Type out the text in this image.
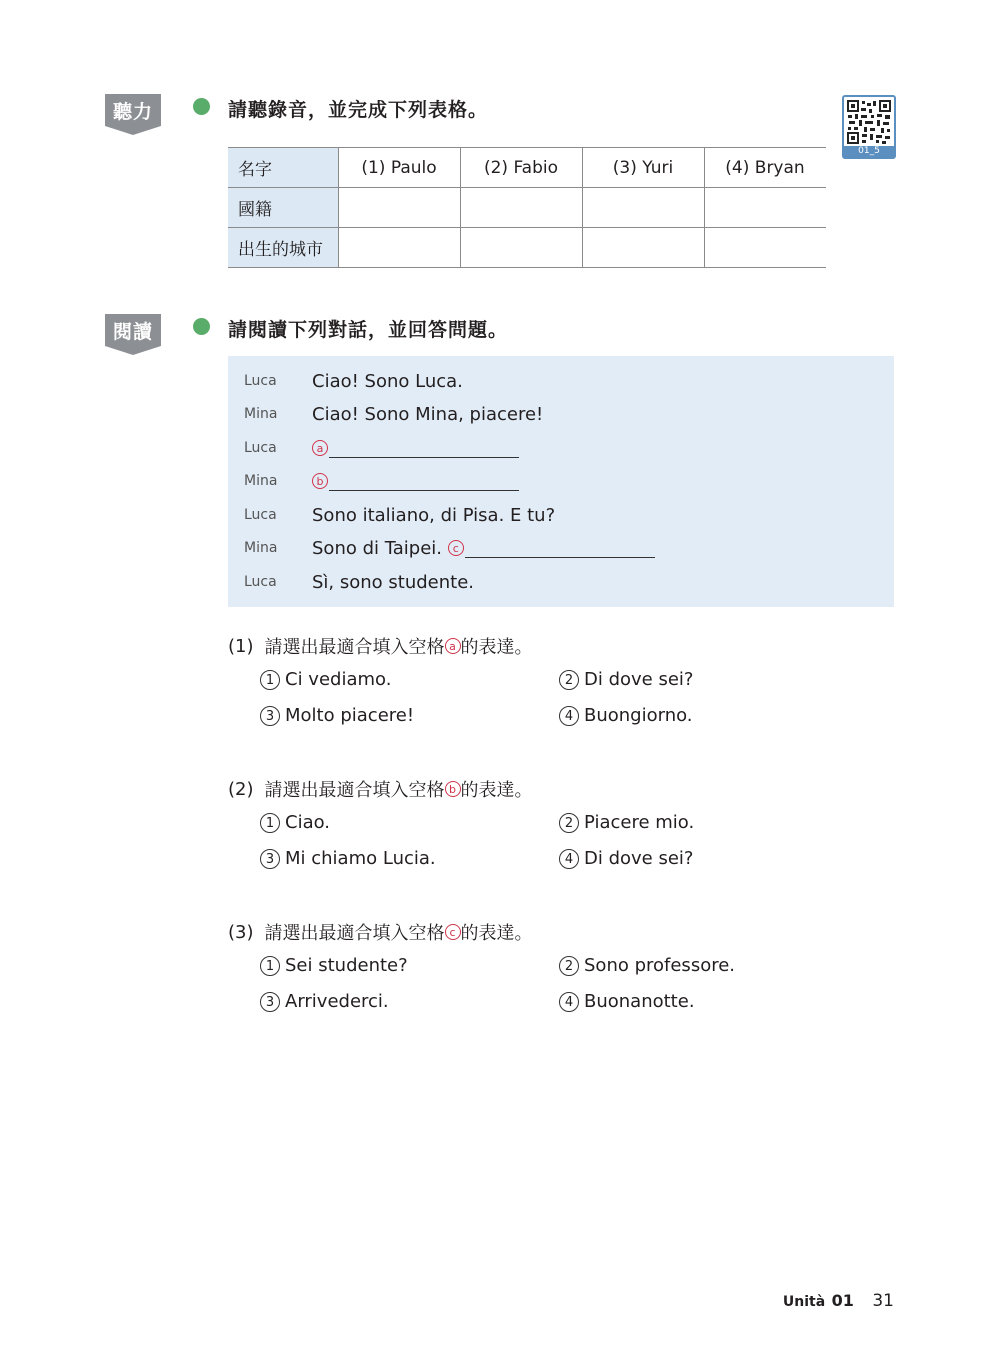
聽力	請聽錄音，並完成下列表格。
01_5
名字	(1) Paulo	(2) Fabio	(3) Yuri	(4) Bryan
國籍				
出生的城市				
閱讀	請閱讀下列對話，並回答問題。
Luca	Ciao! Sono Luca.
Mina	Ciao! Sono Mina, piacere!
Luca	a
Mina	b
Luca	Sono italiano, di Pisa. E tu?
Mina	Sono di Taipei. c
Luca	Sì, sono studente.
(1) 請選出最適合填入空格 a 的表達。
1 Ci vediamo.	2 Di dove sei?
3 Molto piacere!	4 Buongiorno.
(2) 請選出最適合填入空格 b 的表達。
1 Ciao.	2 Piacere mio.
3 Mi chiamo Lucia.	4 Di dove sei?
(3) 請選出最適合填入空格 c 的表達。
1 Sei studente?	2 Sono professore.
3 Arrivederci.	4 Buonanotte.
Unità 01 31
